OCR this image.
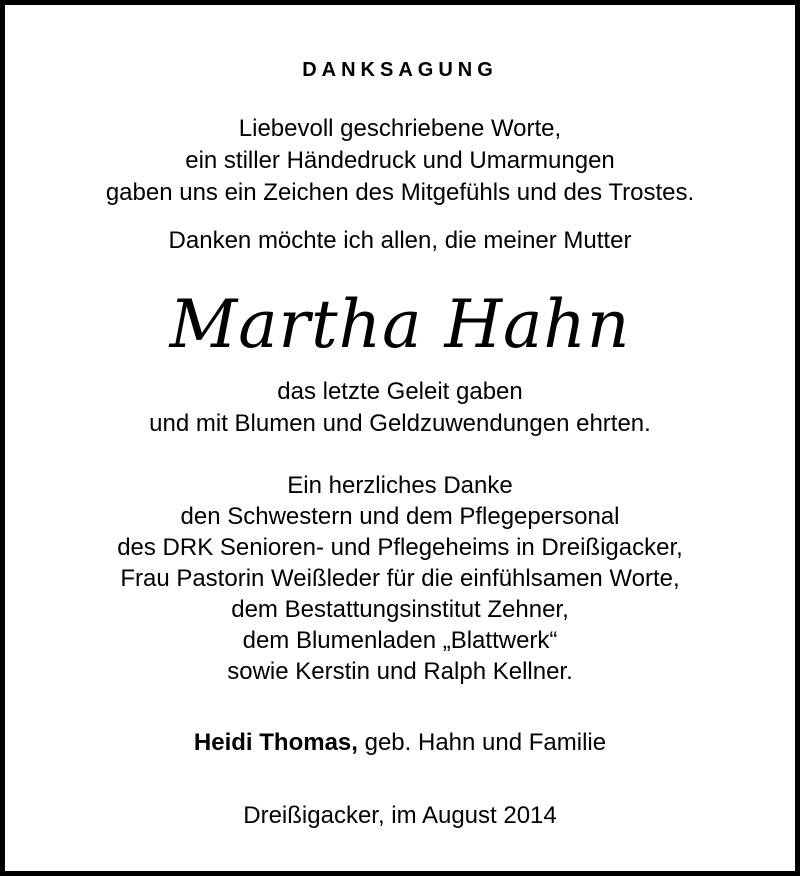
DANKSAGUNG
Liebevoll geschriebene Worte,
ein stiller Händedruck und Umarmungen
gaben uns ein Zeichen des Mitgefühls und des Trostes.
Danken möchte ich allen, die meiner Mutter
Martha Hahn
das letzte Geleit gaben
und mit Blumen und Geldzuwendungen ehrten.
Ein herzliches Danke
den Schwestern und dem Pflegepersonal
des DRK Senioren- und Pflegeheims in Dreißigacker,
Frau Pastorin Weißleder für die einfühlsamen Worte,
dem Bestattungsinstitut Zehner,
dem Blumenladen „Blattwerk“
sowie Kerstin und Ralph Kellner.
Heidi Thomas, geb. Hahn und Familie
Dreißigacker, im August 2014
